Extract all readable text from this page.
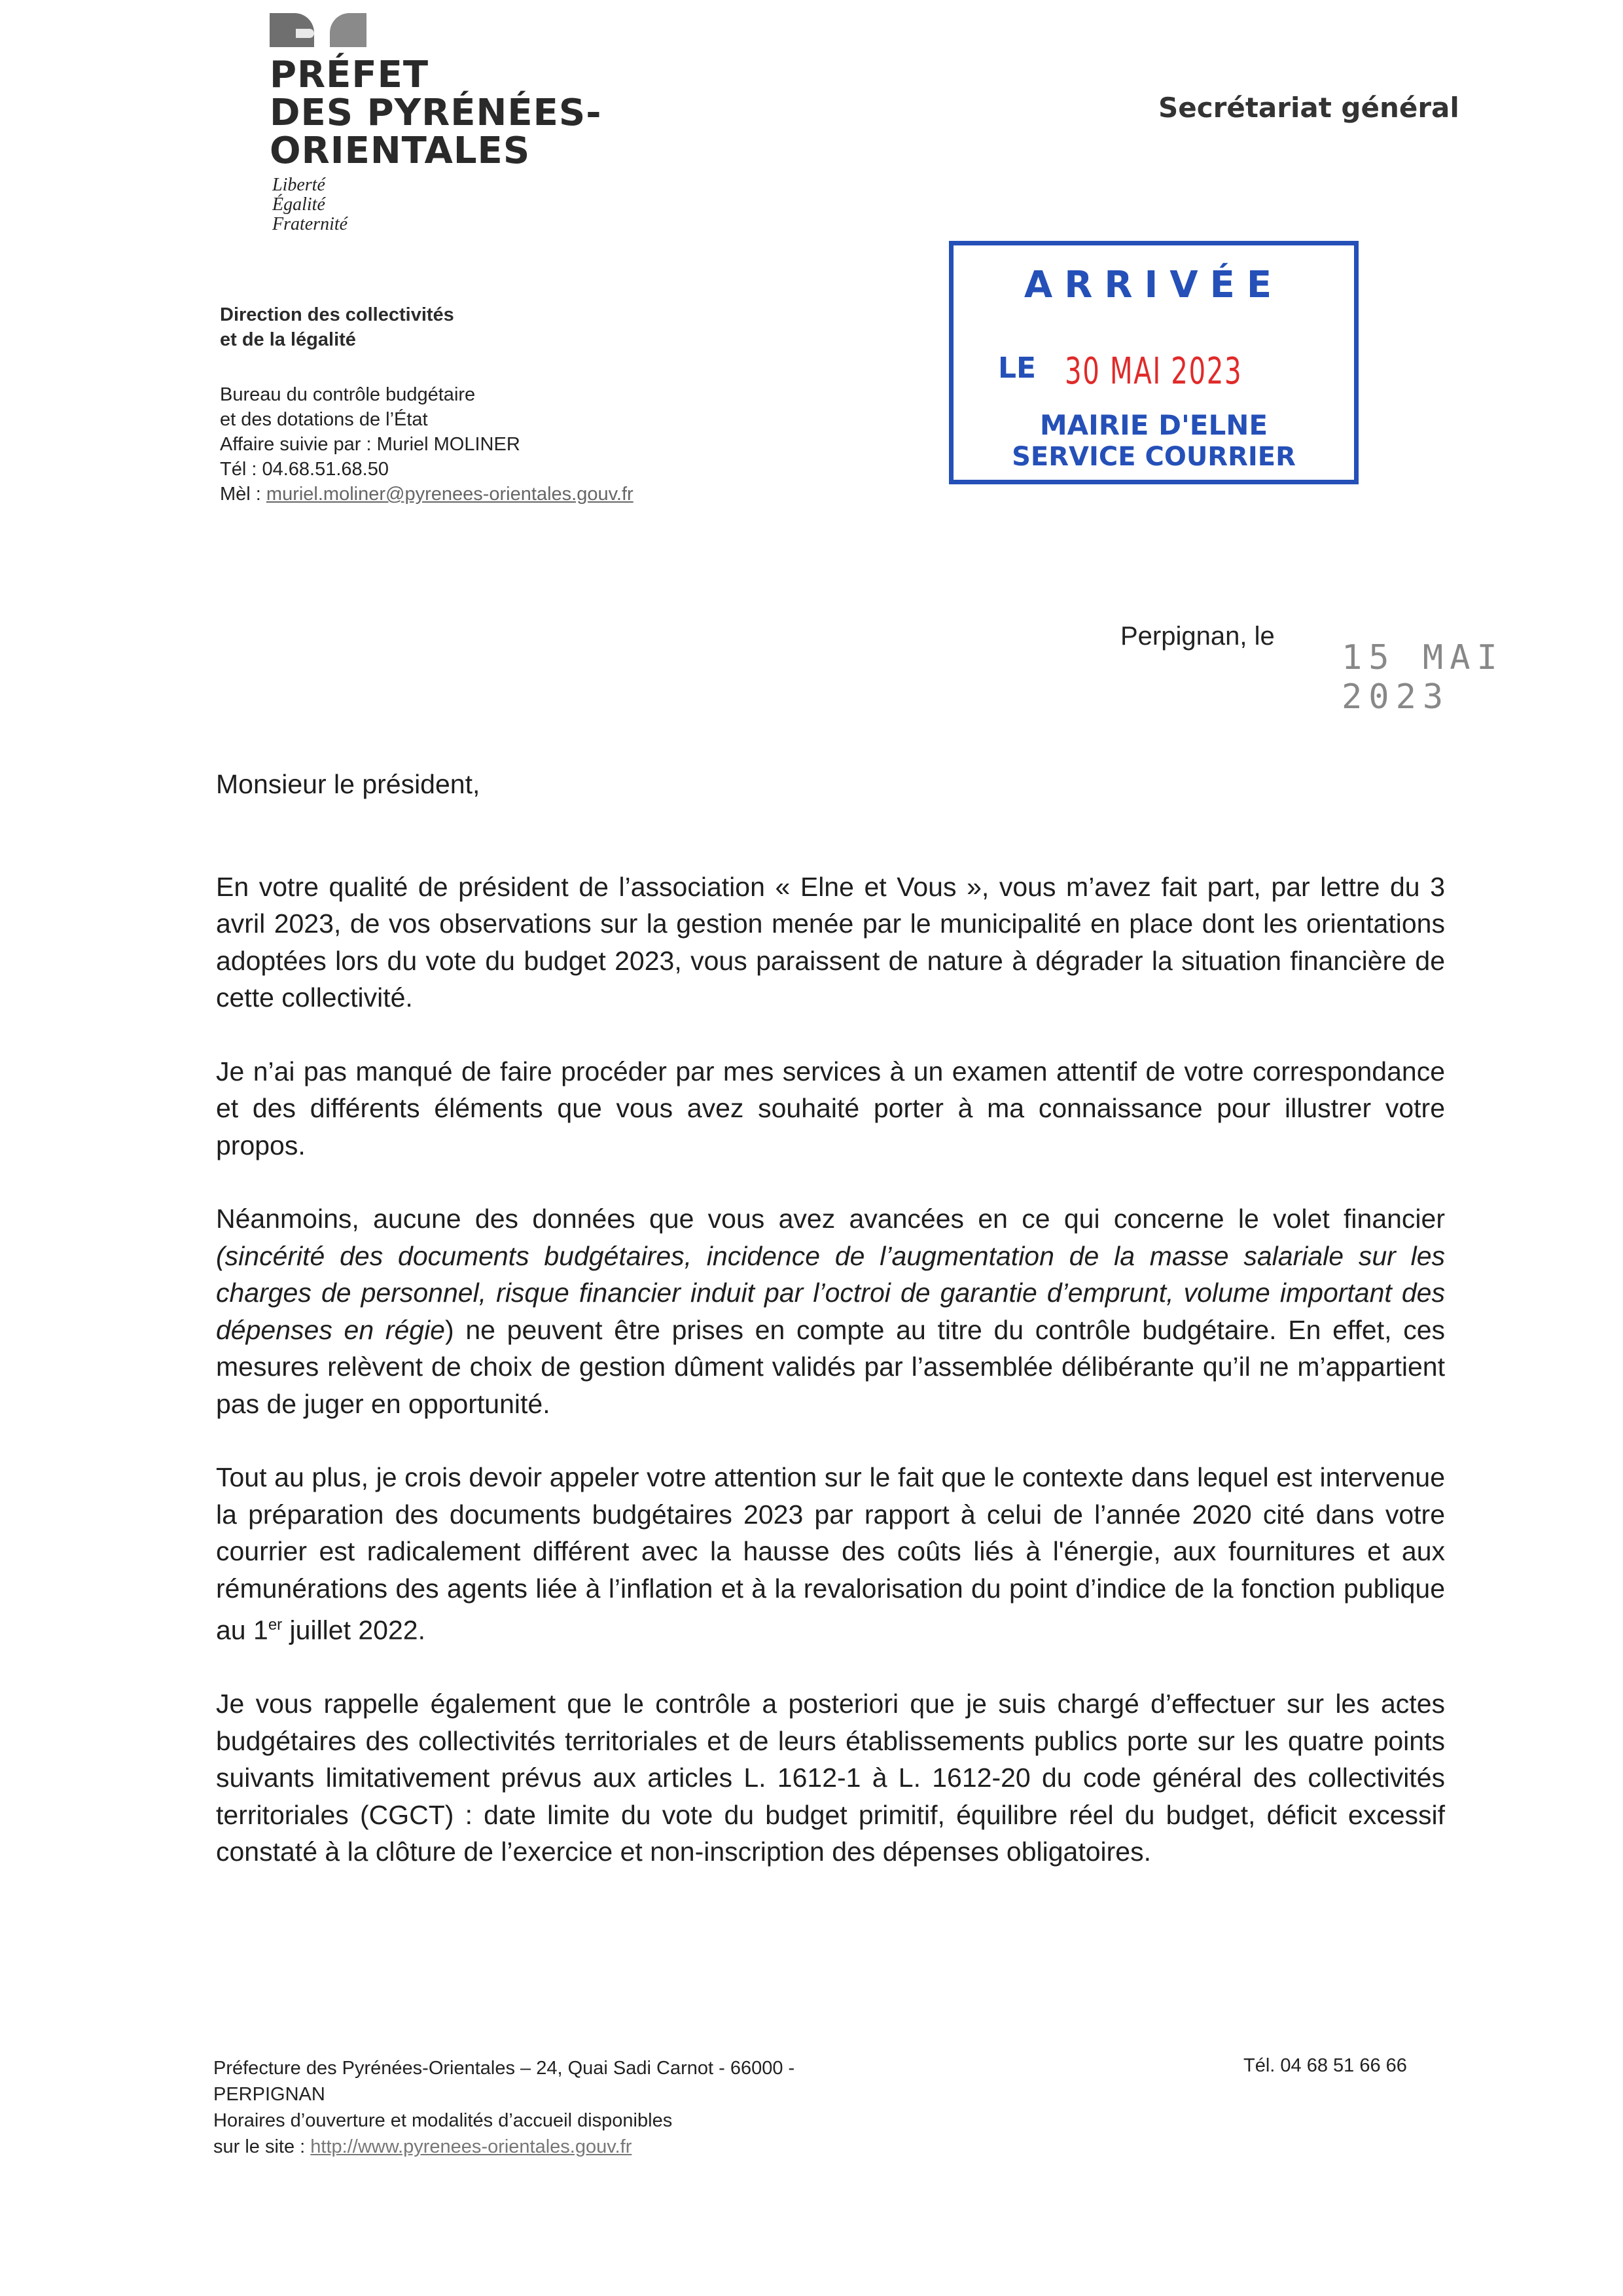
PRÉFET
DES PYRÉNÉES-
ORIENTALES
Liberté
Égalité
Fraternité
Secrétariat général
Direction des collectivités
et de la légalité
Bureau du contrôle budgétaire
et des dotations de l’État
Affaire suivie par : Muriel MOLINER
Tél : 04.68.51.68.50
Mèl : muriel.moliner@pyrenees-orientales.gouv.fr
ARRIVÉE
LE 30 MAI 2023
MAIRIE D'ELNE
SERVICE COURRIER
Perpignan, le
15 MAI 2023

Monsieur le président,

En votre qualité de président de l’association « Elne et Vous », vous m’avez fait part, par lettre du 3 avril 2023, de vos observations sur la gestion menée par le municipalité en place dont les orientations adoptées lors du vote du budget 2023, vous paraissent de nature à dégrader la situation financière de cette collectivité.

Je n’ai pas manqué de faire procéder par mes services à un examen attentif de votre correspondance et des différents éléments que vous avez souhaité porter à ma connaissance pour illustrer votre propos.

Néanmoins, aucune des données que vous avez avancées en ce qui concerne le volet financier (sincérité des documents budgétaires, incidence de l’augmentation de la masse salariale sur les charges de personnel, risque financier induit par l’octroi de garantie d’emprunt, volume important des dépenses en régie) ne peuvent être prises en compte au titre du contrôle budgétaire. En effet, ces mesures relèvent de choix de gestion dûment validés par l’assemblée délibérante qu’il ne m’appartient pas de juger en opportunité.

Tout au plus, je crois devoir appeler votre attention sur le fait que le contexte dans lequel est intervenue la préparation des documents budgétaires 2023 par rapport à celui de l’année 2020 cité dans votre courrier est radicalement différent avec la hausse des coûts liés à l'énergie, aux fournitures et aux rémunérations des agents liée à l’inflation et à la revalorisation du point d’indice de la fonction publique au 1er juillet 2022.

Je vous rappelle également que le contrôle a posteriori que je suis chargé d’effectuer sur les actes budgétaires des collectivités territoriales et de leurs établissements publics porte sur les quatre points suivants limitativement prévus aux articles L. 1612-1 à L. 1612-20 du code général des collectivités territoriales (CGCT) : date limite du vote du budget primitif, équilibre réel du budget, déficit excessif constaté à la clôture de l’exercice et non-inscription des dépenses obligatoires.

Préfecture des Pyrénées-Orientales – 24, Quai Sadi Carnot - 66000 -
PERPIGNAN
Horaires d’ouverture et modalités d’accueil disponibles
sur le site : http://www.pyrenees-orientales.gouv.fr
Tél. 04 68 51 66 66
